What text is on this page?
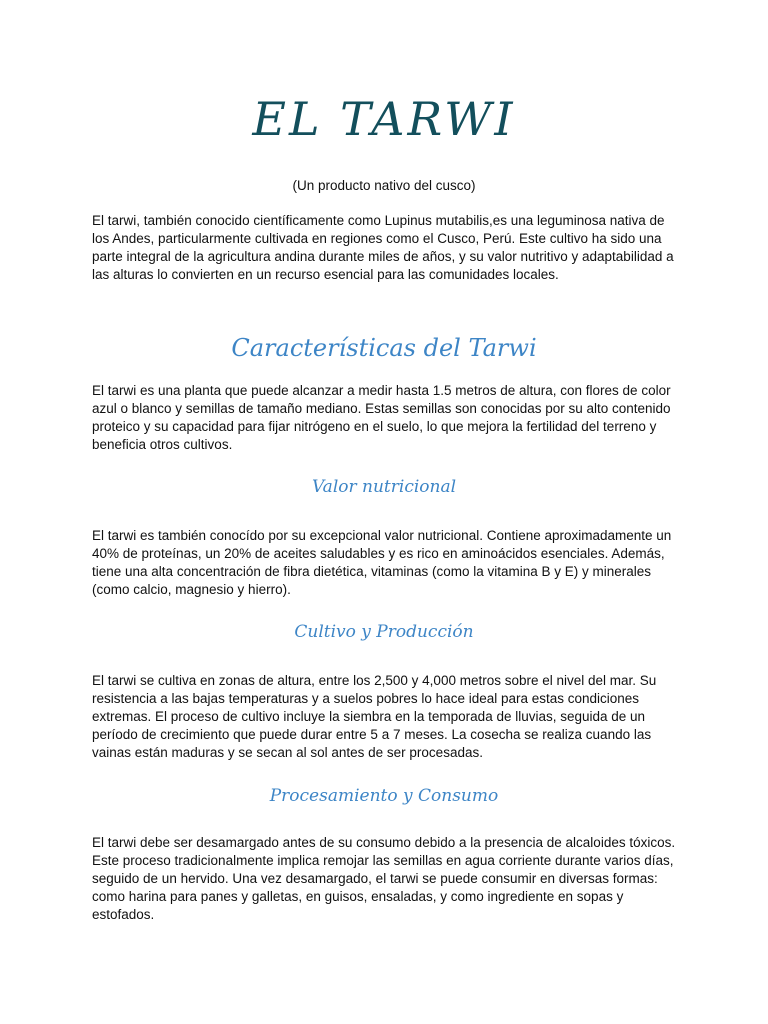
EL TARWI

(Un producto nativo del cusco)

El tarwi, también conocido científicamente como Lupinus mutabilis,es una leguminosa nativa de los Andes, particularmente cultivada en regiones como el Cusco, Perú. Este cultivo ha sido una parte integral de la agricultura andina durante miles de años, y su valor nutritivo y adaptabilidad a las alturas lo convierten en un recurso esencial para las comunidades locales.

Características del Tarwi

El tarwi es una planta que puede alcanzar a medir hasta 1.5 metros de altura, con flores de color azul o blanco y semillas de tamaño mediano. Estas semillas son conocidas por su alto contenido proteico y su capacidad para fijar nitrógeno en el suelo, lo que mejora la fertilidad del terreno y beneficia otros cultivos.

Valor nutricional

El tarwi es también conocído por su excepcional valor nutricional. Contiene aproximadamente un 40% de proteínas, un 20% de aceites saludables y es rico en aminoácidos esenciales. Además, tiene una alta concentración de fibra dietética, vitaminas (como la vitamina B y E) y minerales (como calcio, magnesio y hierro).

Cultivo y Producción

El tarwi se cultiva en zonas de altura, entre los 2,500 y 4,000 metros sobre el nivel del mar. Su resistencia a las bajas temperaturas y a suelos pobres lo hace ideal para estas condiciones extremas. El proceso de cultivo incluye la siembra en la temporada de lluvias, seguida de un período de crecimiento que puede durar entre 5 a 7 meses. La cosecha se realiza cuando las vainas están maduras y se secan al sol antes de ser procesadas.

Procesamiento y Consumo

El tarwi debe ser desamargado antes de su consumo debido a la presencia de alcaloides tóxicos. Este proceso tradicionalmente implica remojar las semillas en agua corriente durante varios días, seguido de un hervido. Una vez desamargado, el tarwi se puede consumir en diversas formas: como harina para panes y galletas, en guisos, ensaladas, y como ingrediente en sopas y estofados.
